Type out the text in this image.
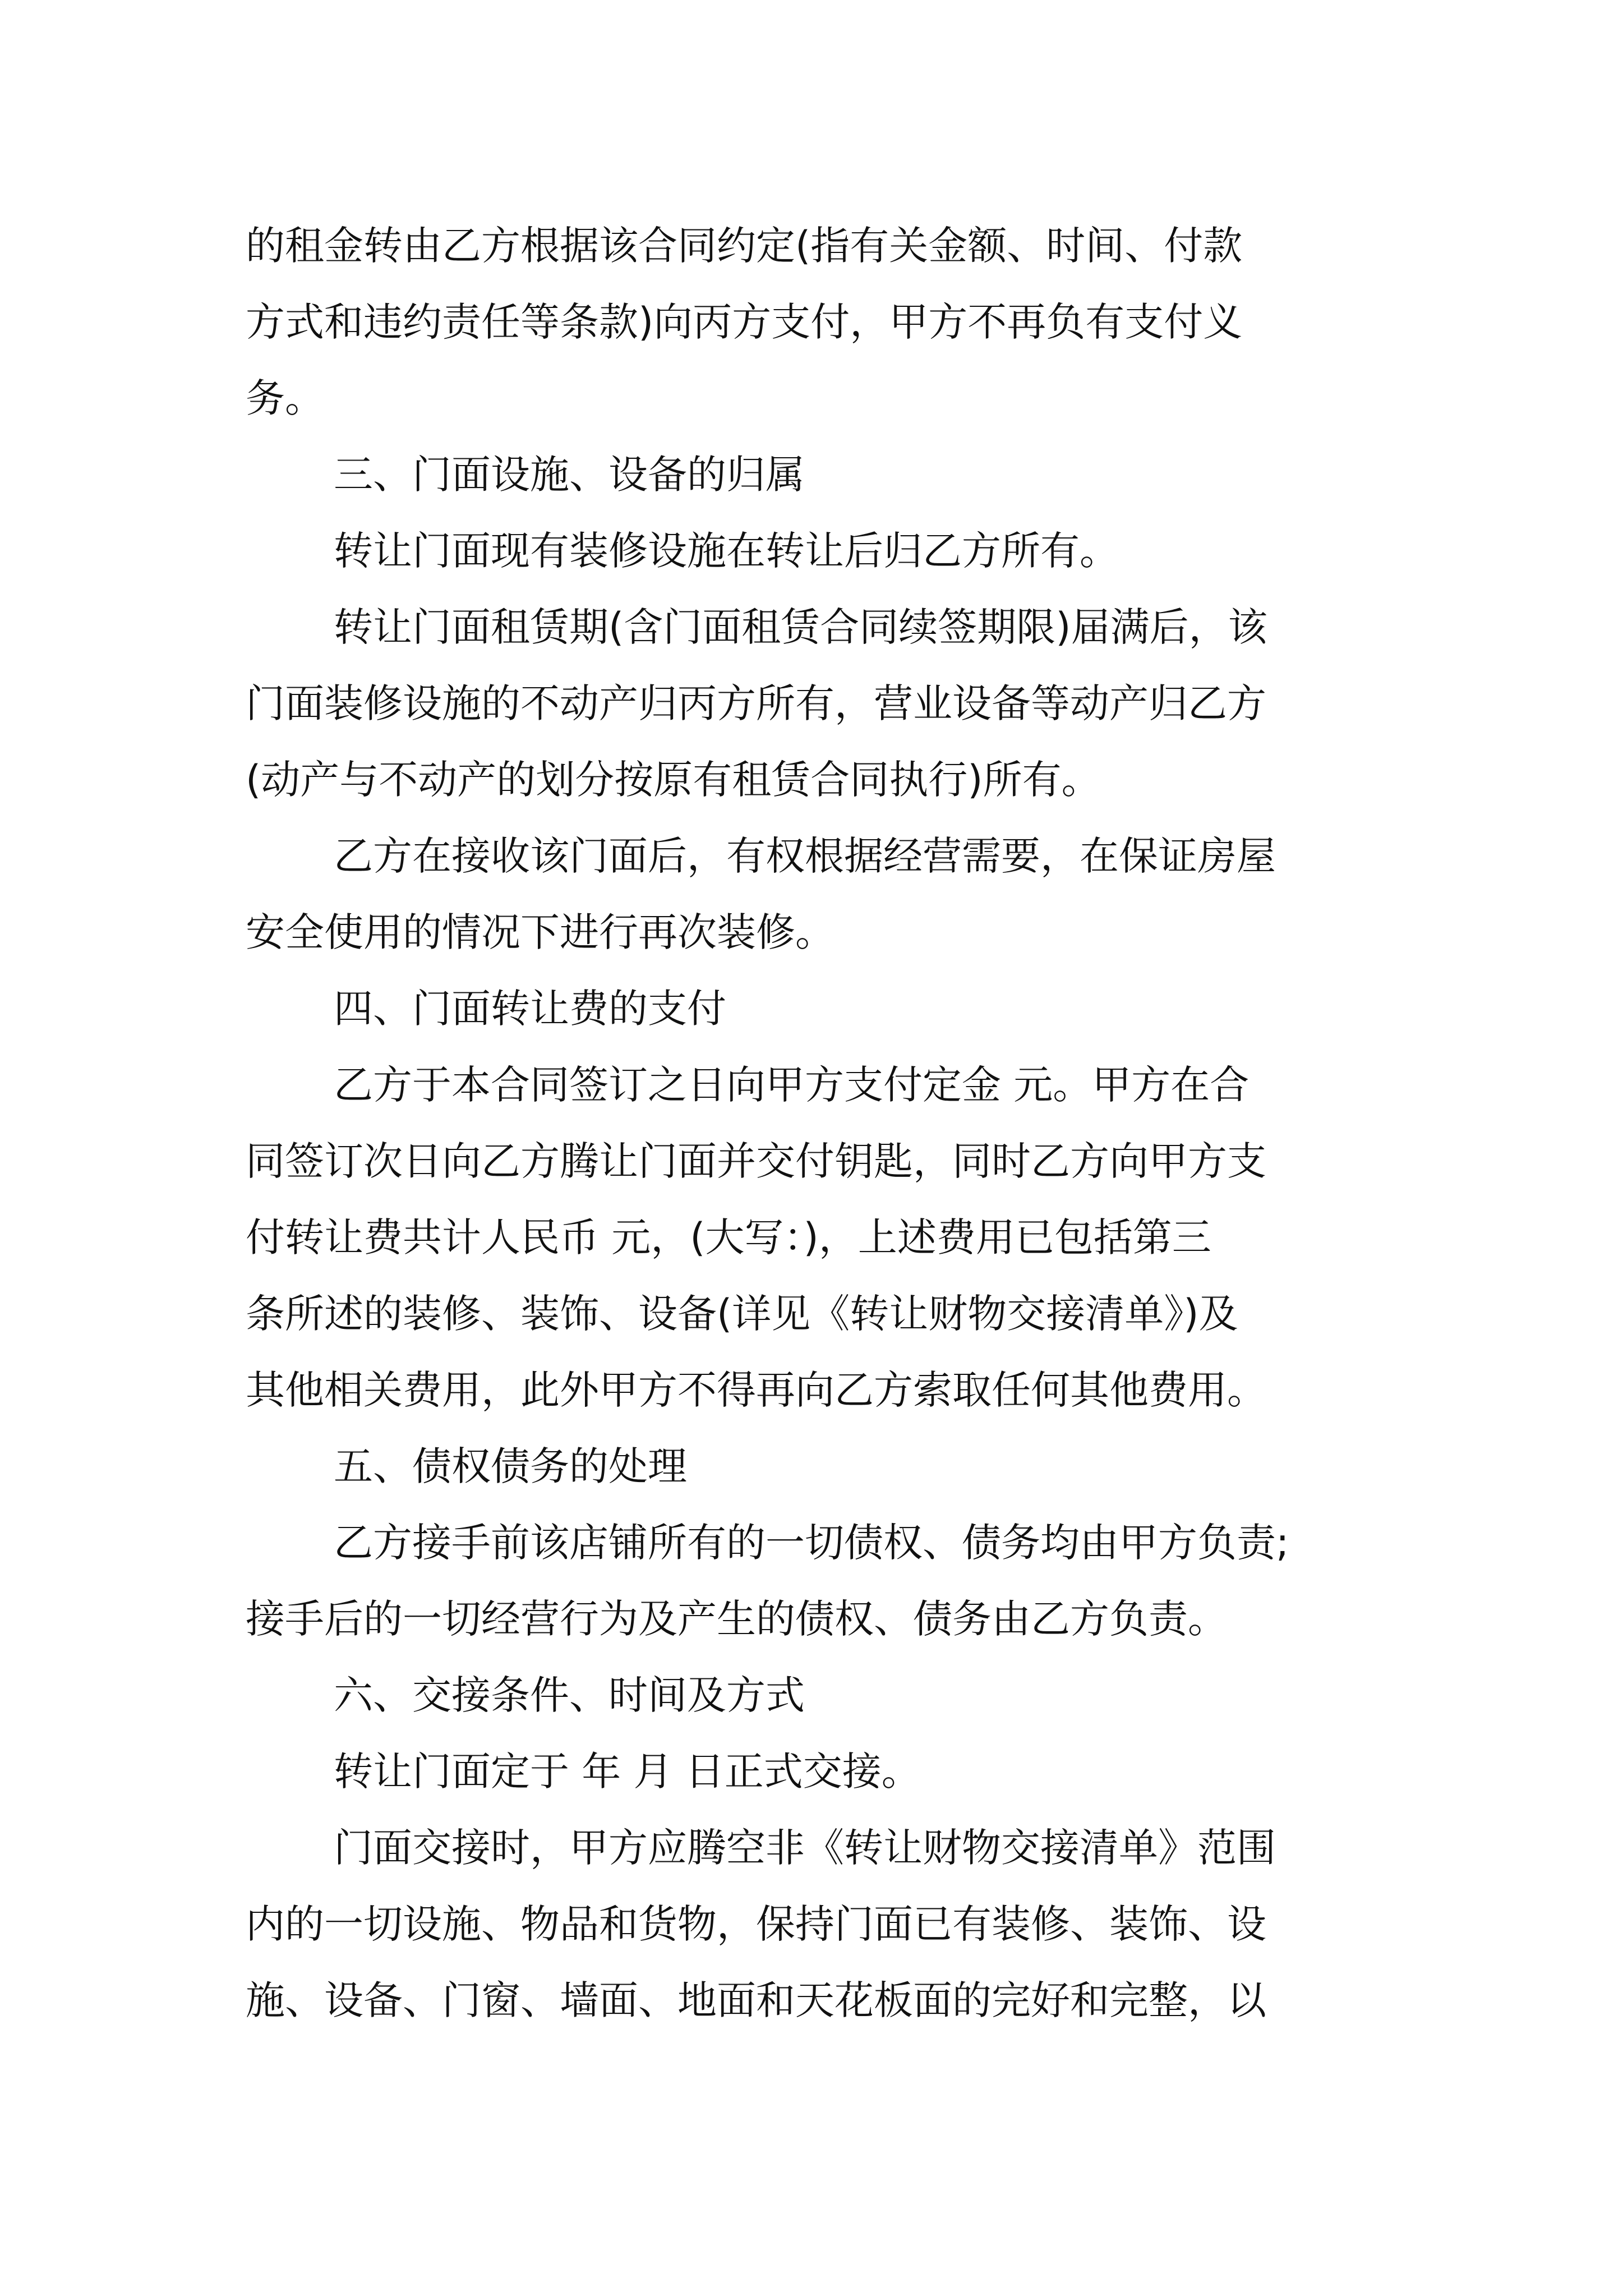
的租金转由乙方根据该合同约定(指有关金额、时间、付款

方式和违约责任等条款)向丙方支付，甲方不再负有支付义

务。

三、门面设施、设备的归属

转让门面现有装修设施在转让后归乙方所有。

转让门面租赁期(含门面租赁合同续签期限)届满后，该

门面装修设施的不动产归丙方所有，营业设备等动产归乙方

(动产与不动产的划分按原有租赁合同执行)所有。

乙方在接收该门面后，有权根据经营需要，在保证房屋

安全使用的情况下进行再次装修。

四、门面转让费的支付

乙方于本合同签订之日向甲方支付定金 元。甲方在合

同签订次日向乙方腾让门面并交付钥匙，同时乙方向甲方支

付转让费共计人民币 元，(大写：)，上述费用已包括第三

条所述的装修、装饰、设备(详见《转让财物交接清单》)及

其他相关费用，此外甲方不得再向乙方索取任何其他费用。

五、债权债务的处理

乙方接手前该店铺所有的一切债权、债务均由甲方负责;

接手后的一切经营行为及产生的债权、债务由乙方负责。

六、交接条件、时间及方式

转让门面定于 年 月 日正式交接。

门面交接时，甲方应腾空非《转让财物交接清单》范围

内的一切设施、物品和货物，保持门面已有装修、装饰、设

施、设备、门窗、墙面、地面和天花板面的完好和完整，以
